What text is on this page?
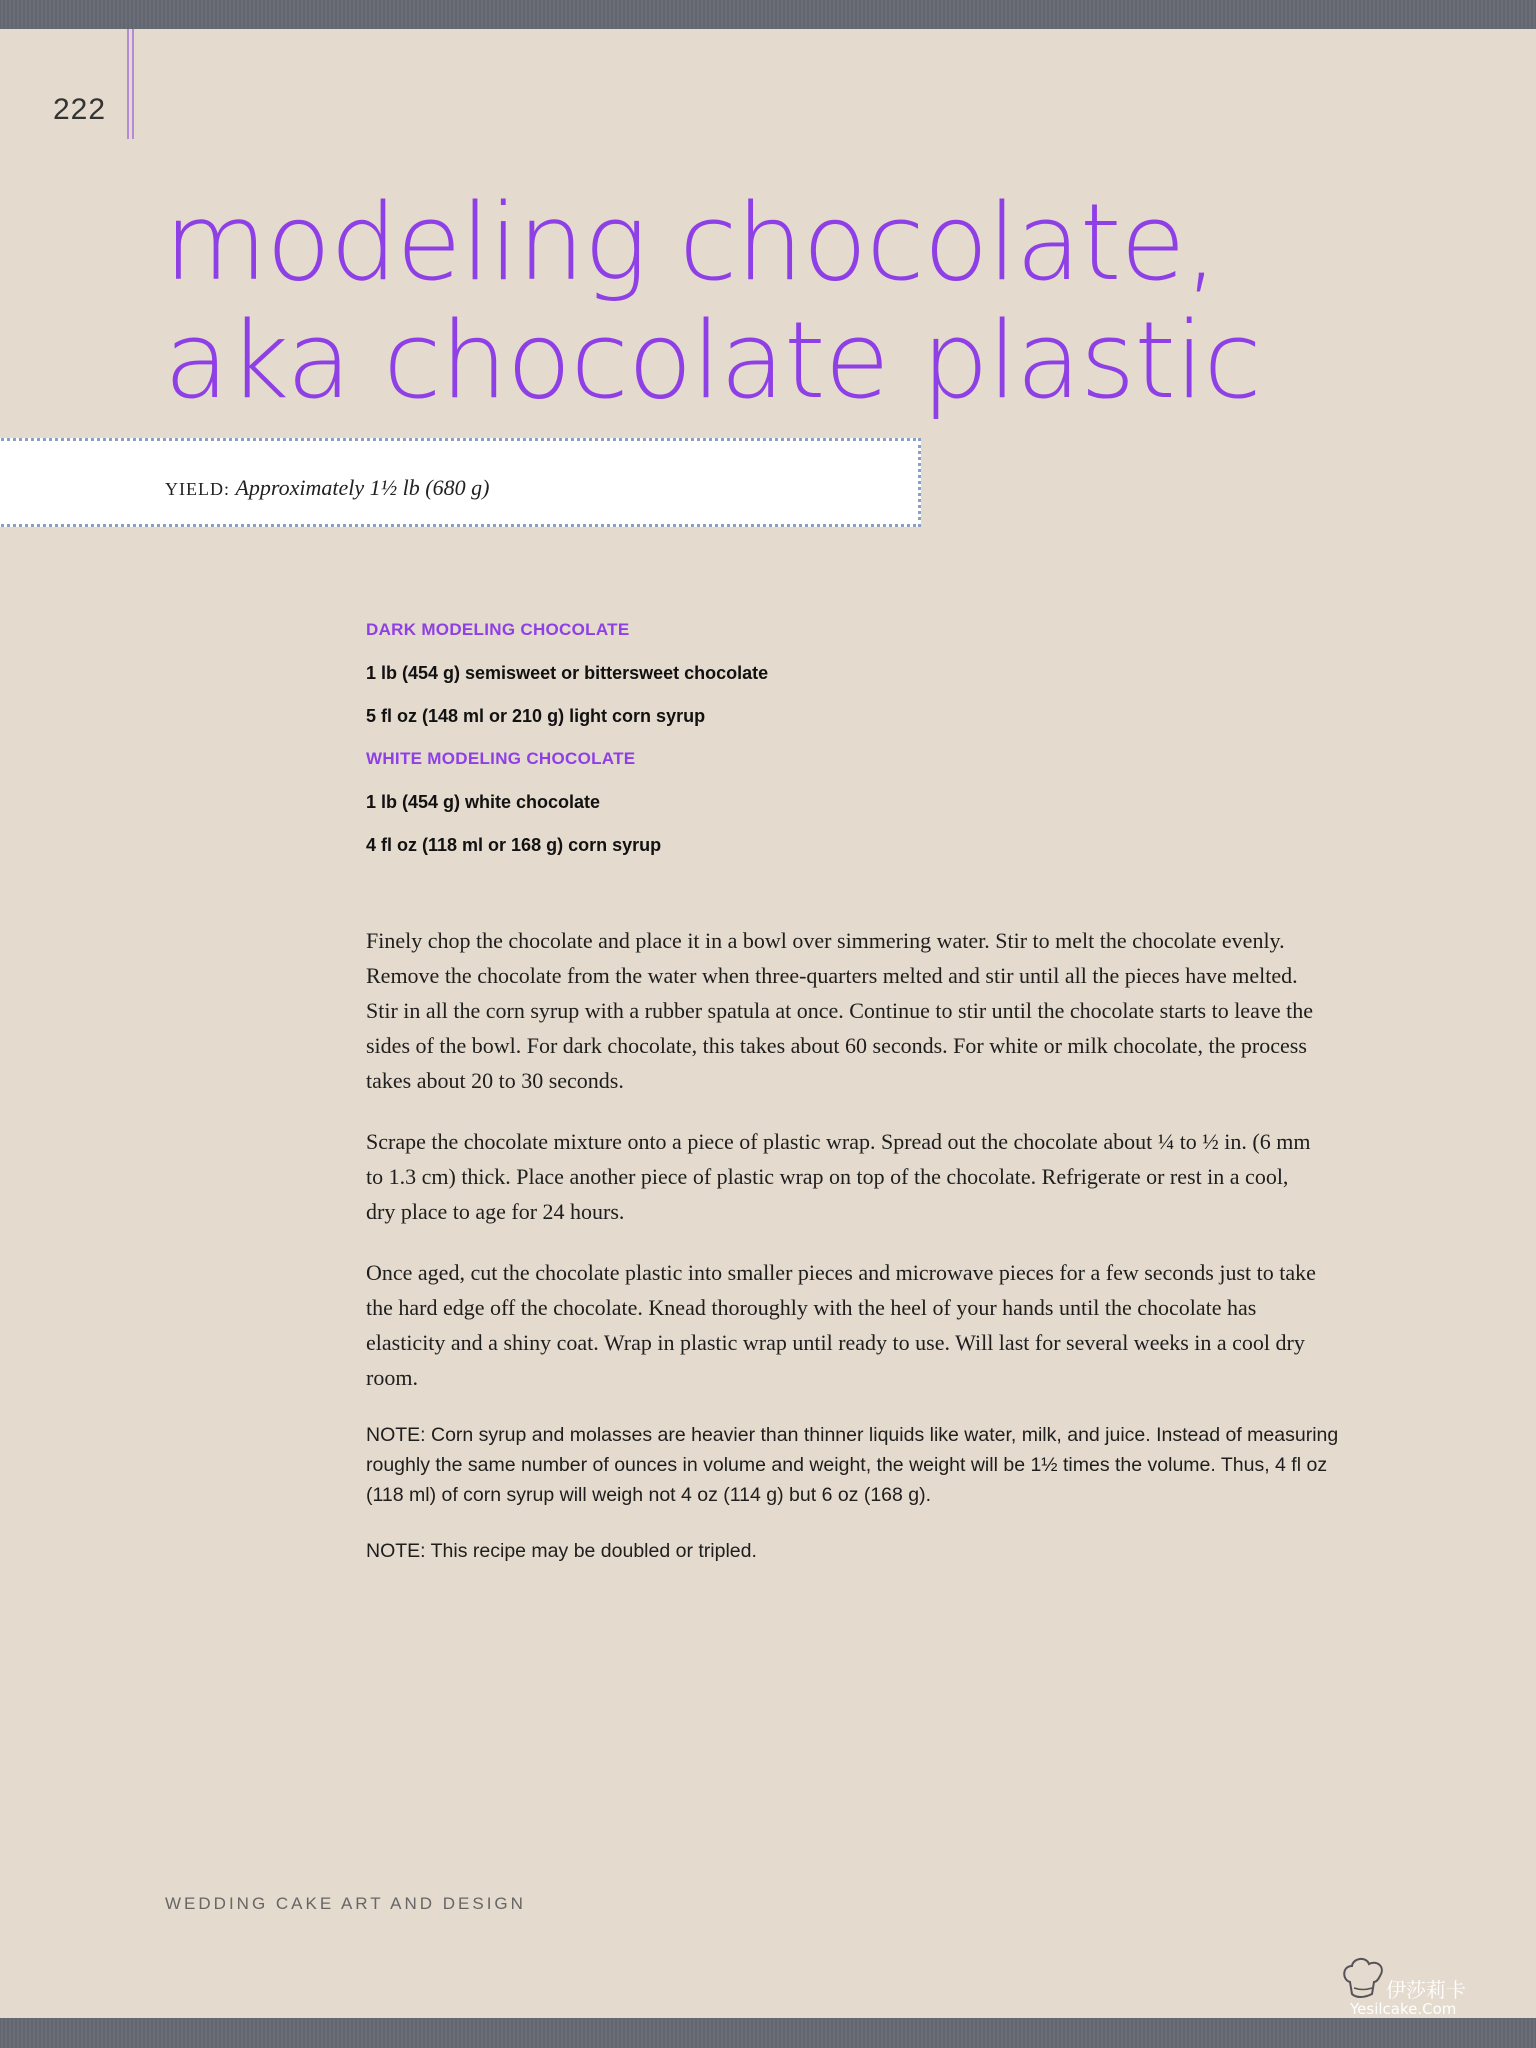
222
modeling chocolate,
aka chocolate plastic
YIELD: Approximately 1½ lb (680 g)
DARK MODELING CHOCOLATE
1 lb (454 g) semisweet or bittersweet chocolate
5 fl oz (148 ml or 210 g) light corn syrup
WHITE MODELING CHOCOLATE
1 lb (454 g) white chocolate
4 fl oz (118 ml or 168 g) corn syrup

Finely chop the chocolate and place it in a bowl over simmering water. Stir to melt the chocolate evenly. Remove the chocolate from the water when three-quarters melted and stir until all the pieces have melted. Stir in all the corn syrup with a rubber spatula at once. Continue to stir until the chocolate starts to leave the sides of the bowl. For dark chocolate, this takes about 60 seconds. For white or milk chocolate, the process takes about 20 to 30 seconds.

Scrape the chocolate mixture onto a piece of plastic wrap. Spread out the chocolate about ¼ to ½ in. (6 mm to 1.3 cm) thick. Place another piece of plastic wrap on top of the chocolate. Refrigerate or rest in a cool, dry place to age for 24 hours.

Once aged, cut the chocolate plastic into smaller pieces and microwave pieces for a few seconds just to take the hard edge off the chocolate. Knead thoroughly with the heel of your hands until the chocolate has elasticity and a shiny coat. Wrap in plastic wrap until ready to use. Will last for several weeks in a cool dry room.

NOTE: Corn syrup and molasses are heavier than thinner liquids like water, milk, and juice. Instead of measuring roughly the same number of ounces in volume and weight, the weight will be 1½ times the volume. Thus, 4 fl oz (118 ml) of corn syrup will weigh not 4 oz (114 g) but 6 oz (168 g).

NOTE: This recipe may be doubled or tripled.

WEDDING CAKE ART AND DESIGN
伊莎莉卡
Yesilcake.Com
